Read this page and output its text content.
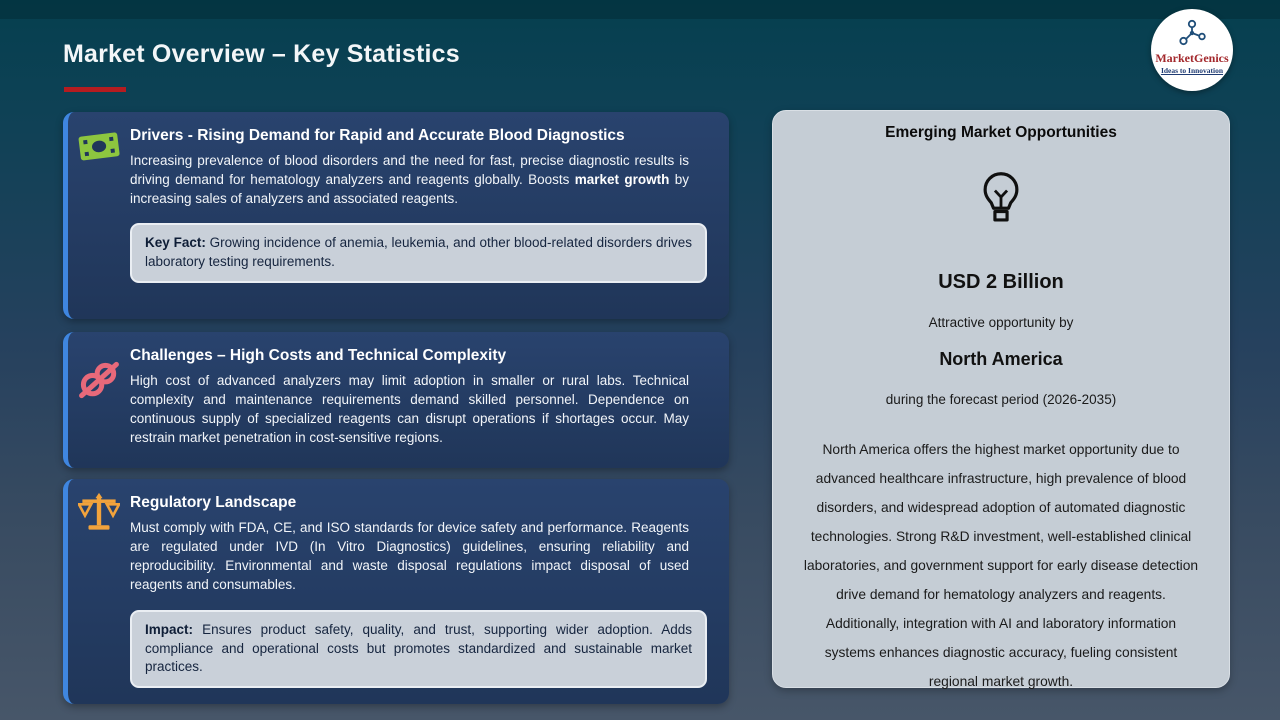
Market Overview – Key Statistics	MarketGenics
Ideas to Innovation
Drivers - Rising Demand for Rapid and Accurate Blood Diagnostics
Increasing prevalence of blood disorders and the need for fast, precise diagnostic results is driving demand for hematology analyzers and reagents globally. Boosts market growth by increasing sales of analyzers and associated reagents.
Key Fact: Growing incidence of anemia, leukemia, and other blood-related disorders drives laboratory testing requirements.
Challenges – High Costs and Technical Complexity
High cost of advanced analyzers may limit adoption in smaller or rural labs. Technical complexity and maintenance requirements demand skilled personnel. Dependence on continuous supply of specialized reagents can disrupt operations if shortages occur. May restrain market penetration in cost-sensitive regions.
Regulatory Landscape
Must comply with FDA, CE, and ISO standards for device safety and performance. Reagents are regulated under IVD (In Vitro Diagnostics) guidelines, ensuring reliability and reproducibility. Environmental and waste disposal regulations impact disposal of used reagents and consumables.
Impact: Ensures product safety, quality, and trust, supporting wider adoption. Adds compliance and operational costs but promotes standardized and sustainable market practices.
Emerging Market Opportunities
USD 2 Billion
Attractive opportunity by
North America
during the forecast period (2026-2035)
North America offers the highest market opportunity due to advanced healthcare infrastructure, high prevalence of blood disorders, and widespread adoption of automated diagnostic technologies. Strong R&D investment, well-established clinical laboratories, and government support for early disease detection drive demand for hematology analyzers and reagents. Additionally, integration with AI and laboratory information systems enhances diagnostic accuracy, fueling consistent regional market growth.
